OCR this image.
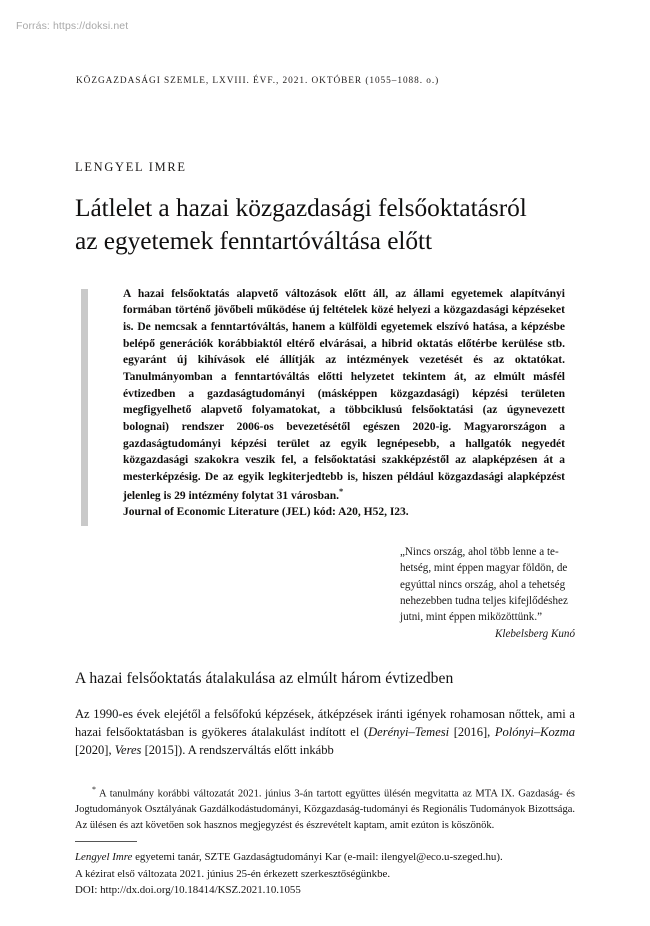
Forrás: https://doksi.net
KÖZGAZDASÁGI SZEMLE, LXVIII. ÉVF., 2021. OKTÓBER (1055–1088. o.)
LENGYEL IMRE
Látlelet a hazai közgazdasági felsőoktatásról
az egyetemek fenntartóváltása előtt

A hazai felsőoktatás alapvető változások előtt áll, az állami egyetemek alapítványi formában történő jövőbeli működése új feltételek közé helyezi a közgazdasági képzéseket is. De nemcsak a fenntartóváltás, hanem a külföldi egyetemek elszívó hatása, a képzésbe belépő generációk korábbiaktól eltérő elvárásai, a hibrid oktatás előtérbe kerülése stb. egyaránt új kihívások elé állítják az intézmények vezetését és az oktatókat. Tanulmányomban a fenntartóváltás előtti helyzetet tekintem át, az elmúlt másfél évtizedben a gazdaságtudományi (másképpen közgazdasági) képzési területen megfigyelhető alapvető folyamatokat, a többciklusú felsőoktatási (az úgynevezett bolognai) rendszer 2006-os bevezetésétől egészen 2020-ig. Magyarországon a gazdaságtudományi képzési terület az egyik legnépesebb, a hallgatók negyedét közgazdasági szakokra veszik fel, a felsőoktatási szakképzéstől az alapképzésen át a mesterképzésig. De az egyik legkiterjedtebb is, hiszen például közgazdasági alapképzést jelenleg is 29 intézmény folytat 31 városban.*

Journal of Economic Literature (JEL) kód: A20, H52, I23.
„Nincs ország, ahol több lenne a te-
hetség, mint éppen magyar földön, de
egyúttal nincs ország, ahol a tehetség
nehezebben tudna teljes kifejlődéshez
jutni, mint éppen miközöttünk.”
Klebelsberg Kunó
A hazai felsőoktatás átalakulása az elmúlt három évtizedben

Az 1990-es évek elejétől a felsőfokú képzések, átképzések iránti igények rohamosan nőttek, ami a hazai felsőoktatásban is gyökeres átalakulást indított el (Derényi–Temesi [2016], Polónyi–Kozma [2020], Veres [2015]). A rendszerváltás előtt inkább

* A tanulmány korábbi változatát 2021. június 3-án tartott együttes ülésén megvitatta az MTA IX. Gazdaság- és Jogtudományok Osztályának Gazdálkodástudományi, Közgazdaság-tudományi és Regionális Tudományok Bizottsága. Az ülésen és azt követően sok hasznos megjegyzést és észrevételt kaptam, amit ezúton is köszönök.
Lengyel Imre egyetemi tanár, SZTE Gazdaságtudományi Kar (e-mail: ilengyel@eco.u-szeged.hu).
A kézirat első változata 2021. június 25-én érkezett szerkesztőségünkbe.
DOI: http://dx.doi.org/10.18414/KSZ.2021.10.1055
